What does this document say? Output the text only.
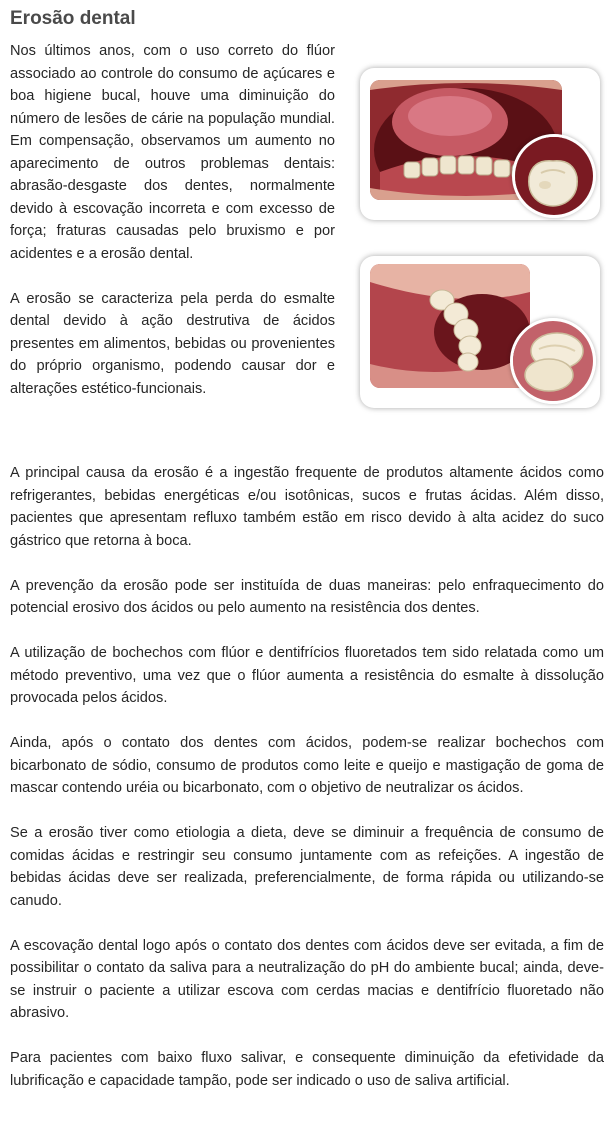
Erosão dental

Nos últimos anos, com o uso correto do flúor associado ao controle do consumo de açúcares e boa higiene bucal, houve uma diminuição do número de lesões de cárie na população mundial. Em compensação, observamos um aumento no aparecimento de outros problemas dentais: abrasão-desgaste dos dentes, normalmente devido à escovação incorreta e com excesso de força; fraturas causadas pelo bruxismo e por acidentes e a erosão dental.

A erosão se caracteriza pela perda do esmalte dental devido à ação destrutiva de ácidos presentes em alimentos, bebidas ou provenientes do próprio organismo, podendo causar dor e alterações estético-funcionais.

A principal causa da erosão é a ingestão frequente de produtos altamente ácidos como refrigerantes, bebidas energéticas e/ou isotônicas, sucos e frutas ácidas. Além disso, pacientes que apresentam refluxo também estão em risco devido à alta acidez do suco gástrico que retorna à boca.

A prevenção da erosão pode ser instituída de duas maneiras: pelo enfraquecimento do potencial erosivo dos ácidos ou pelo aumento na resistência dos dentes.

A utilização de bochechos com flúor e dentifrícios fluoretados tem sido relatada como um método preventivo, uma vez que o flúor aumenta a resistência do esmalte à dissolução provocada pelos ácidos.

Ainda, após o contato dos dentes com ácidos, podem-se realizar bochechos com bicarbonato de sódio, consumo de produtos como leite e queijo e mastigação de goma de mascar contendo uréia ou bicarbonato, com o objetivo de neutralizar os ácidos.

Se a erosão tiver como etiologia a dieta, deve se diminuir a frequência de consumo de comidas ácidas e restringir seu consumo juntamente com as refeições. A ingestão de bebidas ácidas deve ser realizada, preferencialmente, de forma rápida ou utilizando-se canudo.

A escovação dental logo após o contato dos dentes com ácidos deve ser evitada, a fim de possibilitar o contato da saliva para a neutralização do pH do ambiente bucal; ainda, deve-se instruir o paciente a utilizar escova com cerdas macias e dentifrício fluoretado não abrasivo.

Para pacientes com baixo fluxo salivar, e consequente diminuição da efetividade da lubrificação e capacidade tampão, pode ser indicado o uso de saliva artificial.
